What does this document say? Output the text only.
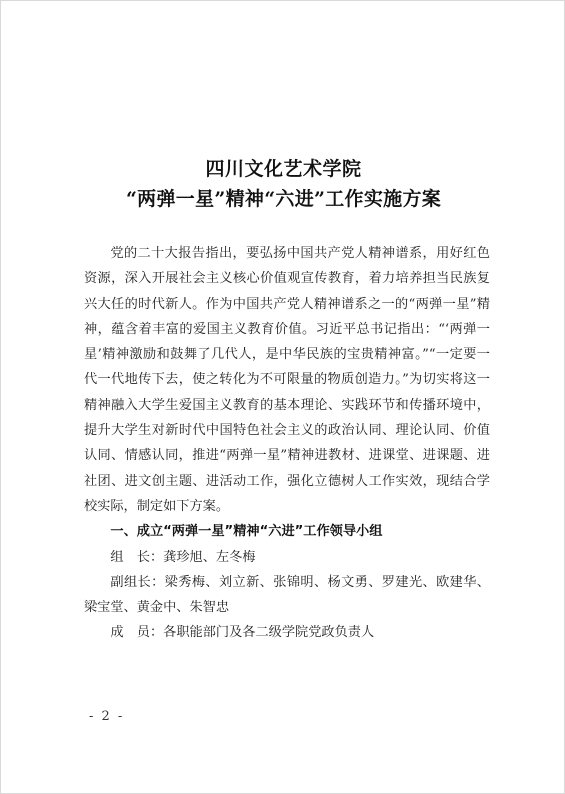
四川文化艺术学院
“两弹一星”精神“六进”工作实施方案

党的二十大报告指出，要弘扬中国共产党人精神谱系，用好红色资源，深入开展社会主义核心价值观宣传教育，着力培养担当民族复兴大任的时代新人。作为中国共产党人精神谱系之一的“两弹一星”精神，蕴含着丰富的爱国主义教育价值。习近平总书记指出：“‘两弹一星’精神激励和鼓舞了几代人，是中华民族的宝贵精神富。”“一定要一代一代地传下去，使之转化为不可限量的物质创造力。”为切实将这一精神融入大学生爱国主义教育的基本理论、实践环节和传播环境中，提升大学生对新时代中国特色社会主义的政治认同、理论认同、价值认同、情感认同，推进“两弹一星”精神进教材、进课堂、进课题、进社团、进文创主题、进活动工作，强化立德树人工作实效，现结合学校实际，制定如下方案。

一、成立“两弹一星”精神“六进”工作领导小组

组　长：龚珍旭、左冬梅

副组长：梁秀梅、刘立新、张锦明、杨文勇、罗建光、欧建华、梁宝堂、黄金中、朱智忠

成　员：各职能部门及各二级学院党政负责人

- 2 -
